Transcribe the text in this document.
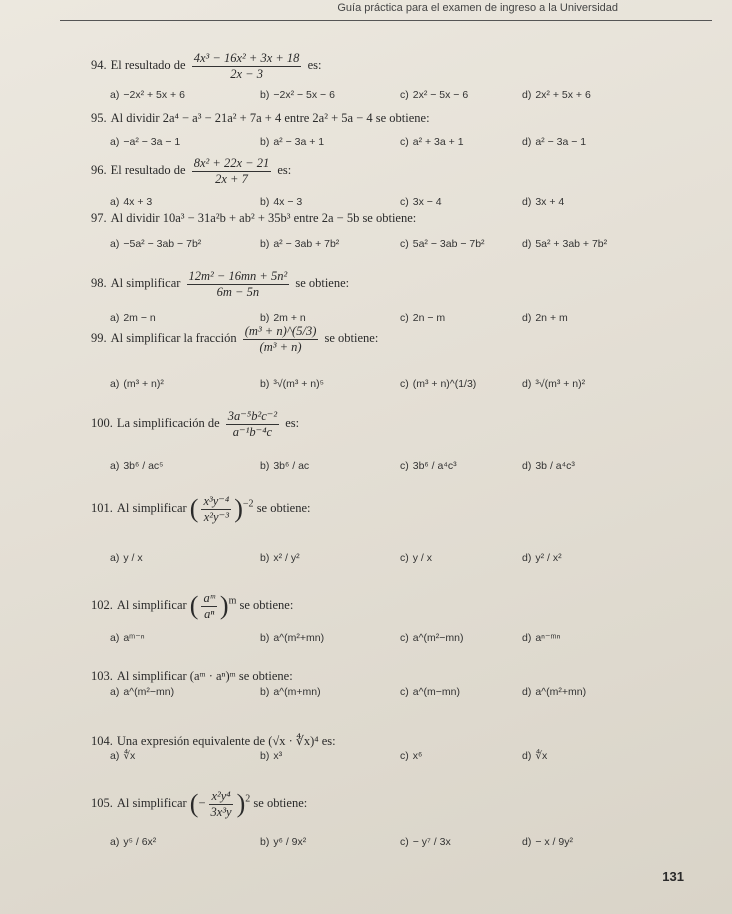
Guía práctica para el examen de ingreso a la Universidad
94. El resultado de $\frac{\text{4x³ − 16x² + 3x + 18}}{2x - 3}$ es:
a) −2x² + 5x + 6	b) −2x² − 5x − 6	c) 2x² − 5x − 6	d) 2x² + 5x + 6
95. Al dividir 2a⁴ − a³ − 21a² + 7a + 4 entre 2a² + 5a − 4 se obtiene:
a) −a² − 3a − 1	b) a² − 3a + 1	c) a² + 3a + 1	d) a² − 3a − 1
96. El resultado de $\frac{\text{8x² + 22x − 21}}{2x + 7}$ es:
a) 4x + 3	b) 4x − 3	c) 3x − 4	d) 3x + 4
97. Al dividir 10a³ − 31a²b + ab² + 35b³ entre 2a − 5b se obtiene:
a) −5a² − 3ab − 7b²	b) a² − 3ab + 7b²	c) 5a² − 3ab − 7b²	d) 5a² + 3ab + 7b²
98. Al simplificar $\frac{\text{12m² − 16mn + 5n²}}{6m - 5n}$ se obtiene:
a) 2m − n	b) 2m + n	c) 2n − m	d) 2n + m
99. Al simplificar la fracción $\frac{\text{(m³ + n)\textasciicircum{}(5/3)}}{\text{(m³ + n)}}$ se obtiene:
a) (m³ + n)²	b) ³√(m³ + n)⁵	c) (m³ + n)^(1/3)	d) ³√(m³ + n)²
100. La simplificación de $\frac{\text{3a⁻⁵b²c⁻²}}{\text{a⁻¹b⁻⁴c}}$ es:
a) 3b⁶ / ac⁵	b) 3b⁶ / ac	c) 3b⁶ / a⁴c³	d) 3b / a⁴c³
101. Al simplificar ( $\frac{\text{x³y⁻⁴}}{\text{x²y⁻³}} )^{-2}$ se obtiene:
a) y / x	b) x² / y²	c) y / x	d) y² / x²
102. Al simplificar ( $\frac{\text{aᵐ}}{\text{aⁿ}} )^m$ se obtiene:
a) aᵐ⁻ⁿ	b) a^(m²+mn)	c) a^(m²−mn)	d) aⁿ⁻ᵐⁿ
103. Al simplificar (aᵐ · aⁿ)ᵐ se obtiene:
a) a^(m²−mn)	b) a^(m+mn)	c) a^(m−mn)	d) a^(m²+mn)
104. Una expresión equivalente de (√x · ∜x)⁴ es:
a) ∜x	b) x³	c) x⁶	d) ∜x
105. Al simplificar (− $\frac{\text{x²y⁴}}{\text{3x³y}} )^2$ se obtiene:
a) y⁵ / 6x²	b) y⁶ / 9x²	c) − y⁷ / 3x	d) − x / 9y²
131
